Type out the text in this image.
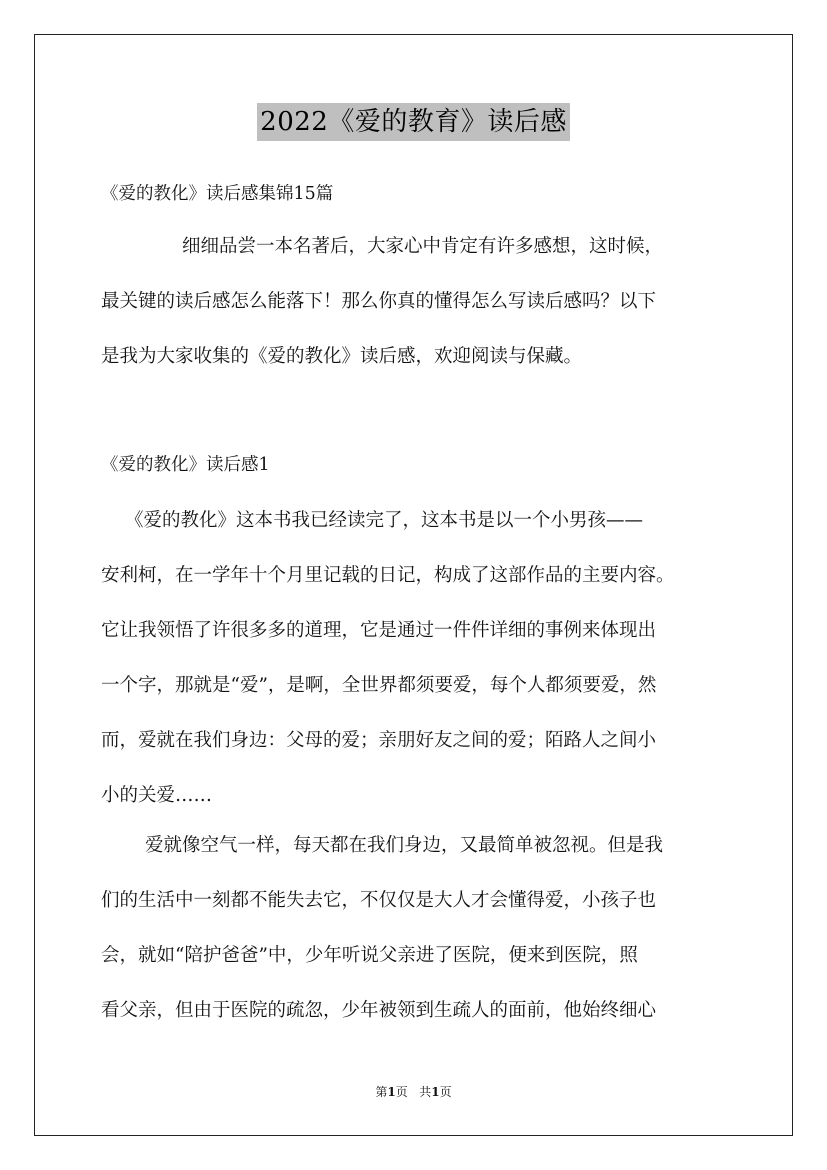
2022《爱的教育》读后感
《爱的教化》读后感集锦15篇
细细品尝一本名著后，大家心中肯定有许多感想，这时候，
最关键的读后感怎么能落下！那么你真的懂得怎么写读后感吗？以下
是我为大家收集的《爱的教化》读后感，欢迎阅读与保藏。
《爱的教化》读后感1
《爱的教化》这本书我已经读完了，这本书是以一个小男孩——
安利柯，在一学年十个月里记载的日记，构成了这部作品的主要内容。
它让我领悟了许很多多的道理，它是通过一件件详细的事例来体现出
一个字，那就是“爱”，是啊，全世界都须要爱，每个人都须要爱，然
而，爱就在我们身边：父母的爱；亲朋好友之间的爱；陌路人之间小
小的关爱……
爱就像空气一样，每天都在我们身边，又最简单被忽视。但是我
们的生活中一刻都不能失去它，不仅仅是大人才会懂得爱，小孩子也
会，就如“陪护爸爸”中，少年听说父亲进了医院，便来到医院，照
看父亲，但由于医院的疏忽，少年被领到生疏人的面前，他始终细心
第1页 共1页
